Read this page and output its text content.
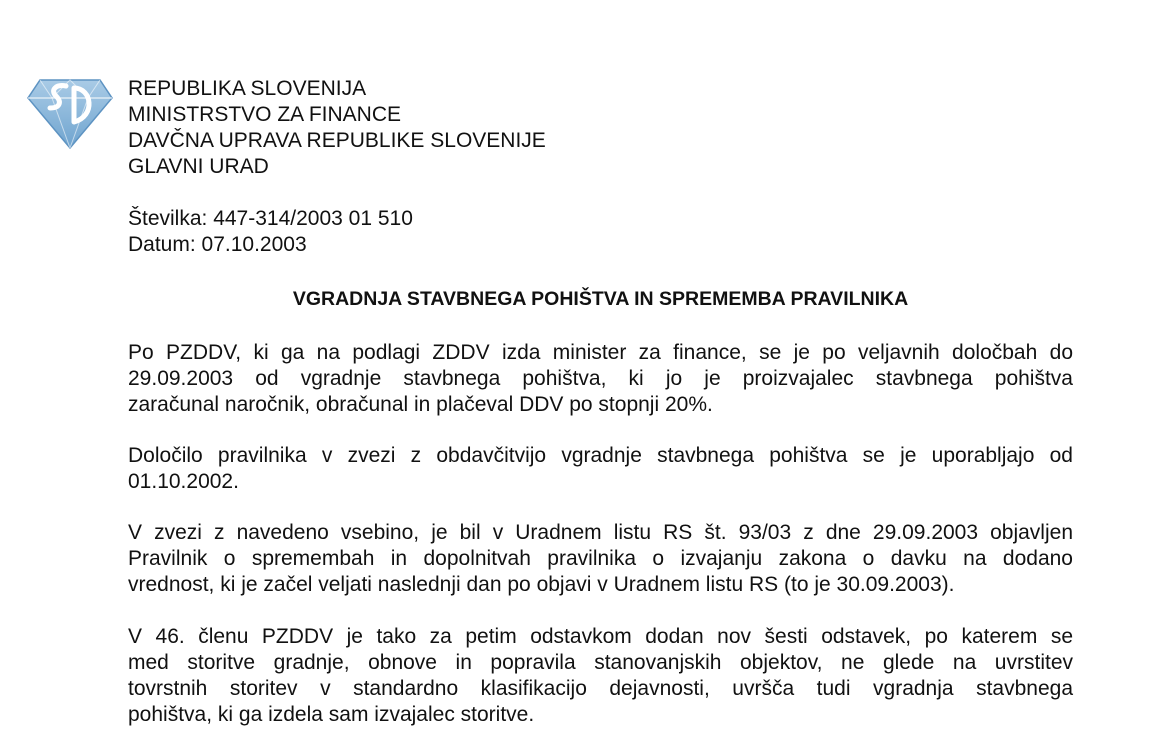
REPUBLIKA SLOVENIJA
MINISTRSTVO ZA FINANCE
DAVČNA UPRAVA REPUBLIKE SLOVENIJE
GLAVNI URAD
Številka: 447-314/2003 01 510
Datum: 07.10.2003
VGRADNJA STAVBNEGA POHIŠTVA IN SPREMEMBA PRAVILNIKA
Po PZDDV, ki ga na podlagi ZDDV izda minister za finance, se je po veljavnih določbah do
29.09.2003 od vgradnje stavbnega pohištva, ki jo je proizvajalec stavbnega pohištva
zaračunal naročnik, obračunal in plačeval DDV po stopnji 20%.
Določilo pravilnika v zvezi z obdavčitvijo vgradnje stavbnega pohištva se je uporabljajo od
01.10.2002.
V zvezi z navedeno vsebino, je bil v Uradnem listu RS št. 93/03 z dne 29.09.2003 objavljen
Pravilnik o spremembah in dopolnitvah pravilnika o izvajanju zakona o davku na dodano
vrednost, ki je začel veljati naslednji dan po objavi v Uradnem listu RS (to je 30.09.2003).
V 46. členu PZDDV je tako za petim odstavkom dodan nov šesti odstavek, po katerem se
med storitve gradnje, obnove in popravila stanovanjskih objektov, ne glede na uvrstitev
tovrstnih storitev v standardno klasifikacijo dejavnosti, uvršča tudi vgradnja stavbnega
pohištva, ki ga izdela sam izvajalec storitve.
